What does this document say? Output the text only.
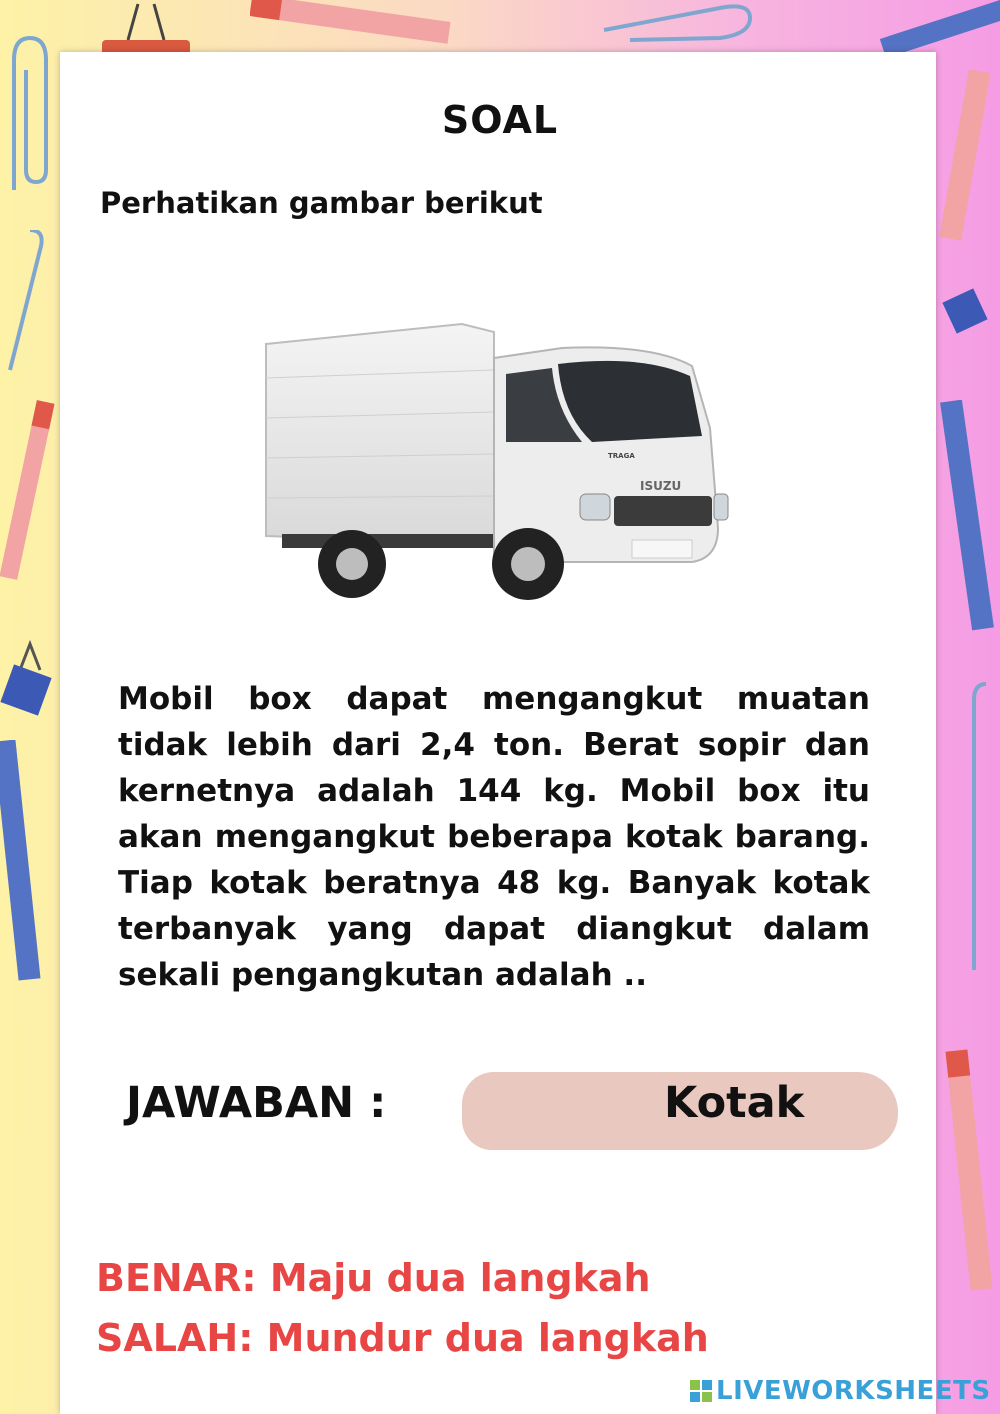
SOAL
Perhatikan gambar berikut
ISUZU
TRAGA
Mobil box dapat mengangkut muatan tidak lebih dari 2,4 ton. Berat sopir dan kernetnya adalah 144 kg. Mobil box itu akan mengangkut beberapa kotak barang. Tiap kotak beratnya 48 kg. Banyak kotak terbanyak yang dapat diangkut dalam sekali pengangkutan adalah ..
JAWABAN :	Kotak
BENAR: Maju dua langkah
SALAH: Mundur dua langkah
LIVEWORKSHEETS
